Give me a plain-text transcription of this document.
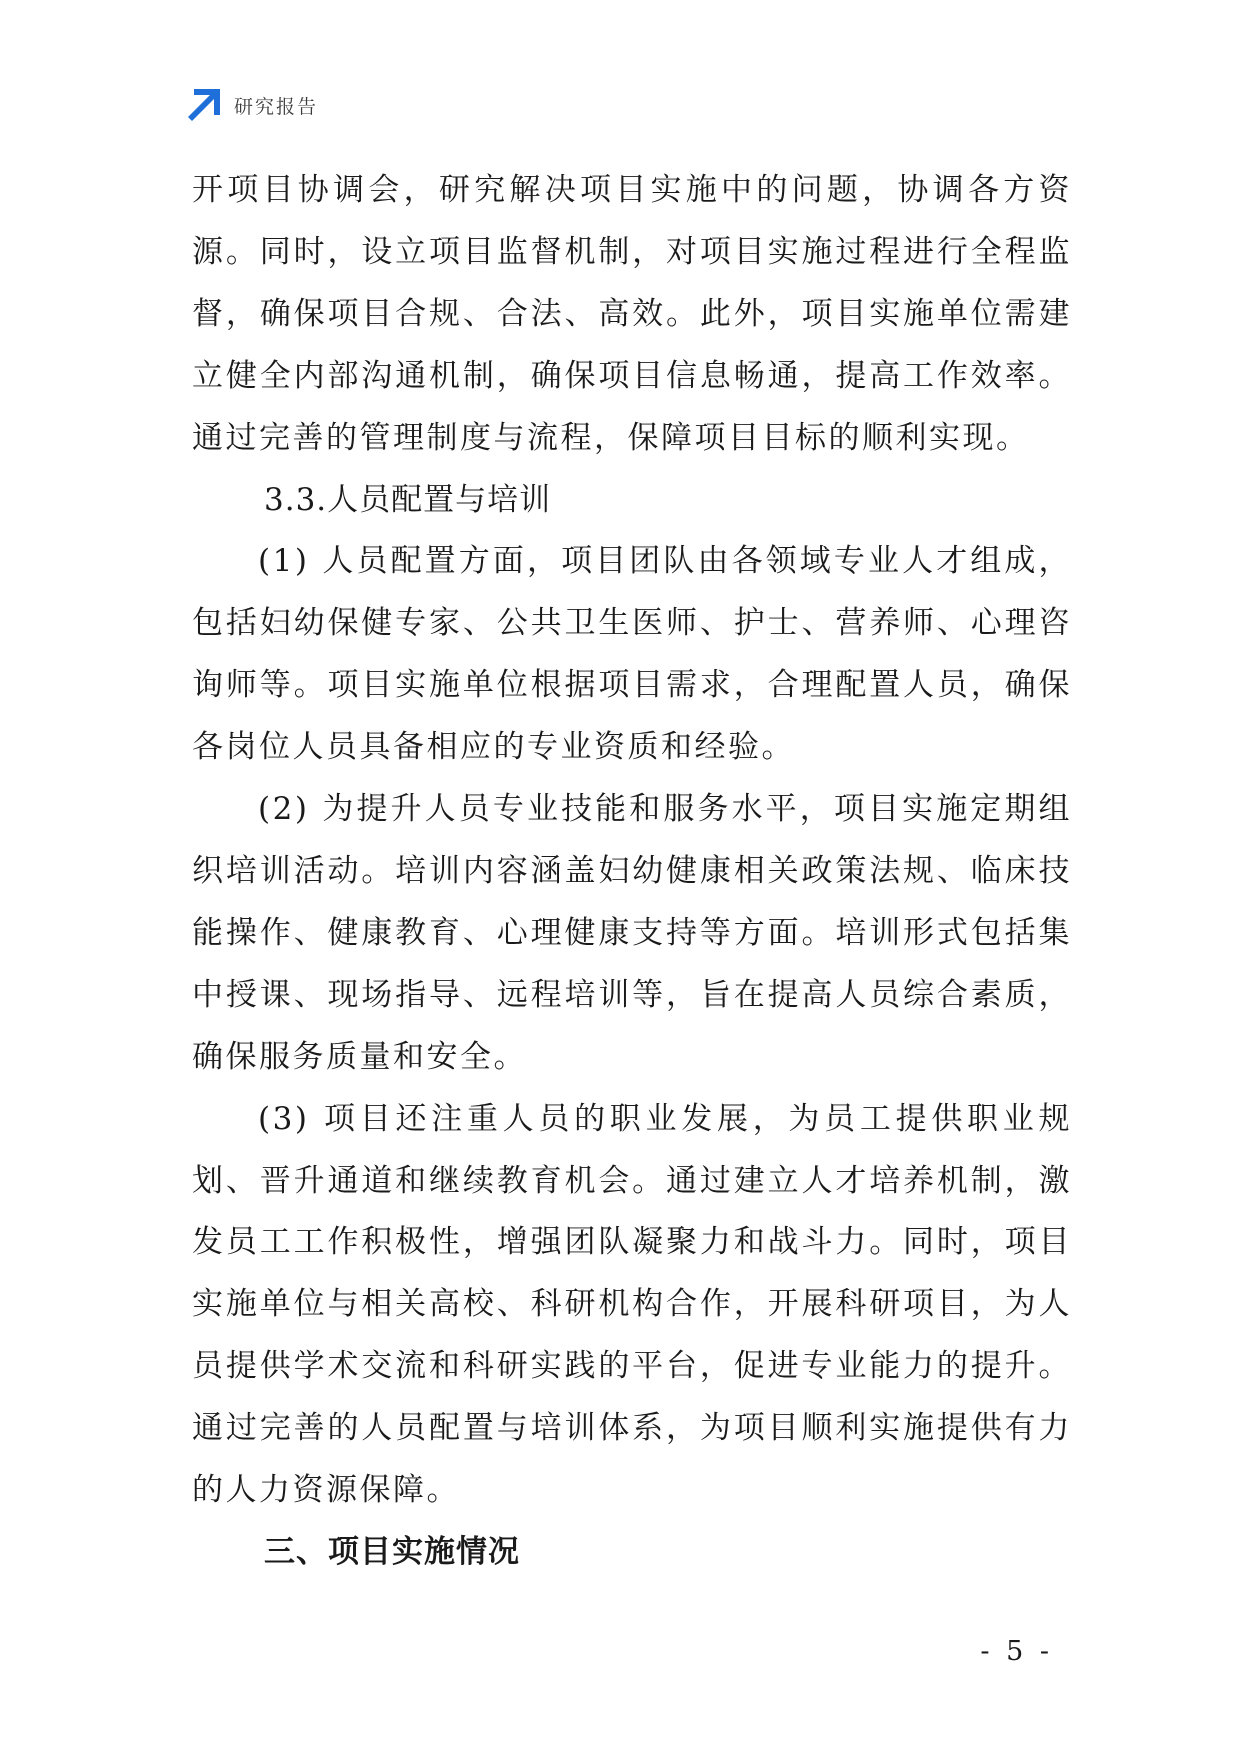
研究报告

开项目协调会，研究解决项目实施中的问题，协调各方资源。同时，设立项目监督机制，对项目实施过程进行全程监督，确保项目合规、合法、高效。此外，项目实施单位需建立健全内部沟通机制，确保项目信息畅通，提高工作效率。通过完善的管理制度与流程，保障项目目标的顺利实现。

3.3.人员配置与培训

(1) 人员配置方面，项目团队由各领域专业人才组成，包括妇幼保健专家、公共卫生医师、护士、营养师、心理咨询师等。项目实施单位根据项目需求，合理配置人员，确保各岗位人员具备相应的专业资质和经验。

(2) 为提升人员专业技能和服务水平，项目实施定期组织培训活动。培训内容涵盖妇幼健康相关政策法规、临床技能操作、健康教育、心理健康支持等方面。培训形式包括集中授课、现场指导、远程培训等，旨在提高人员综合素质，确保服务质量和安全。

(3) 项目还注重人员的职业发展，为员工提供职业规划、晋升通道和继续教育机会。通过建立人才培养机制，激发员工工作积极性，增强团队凝聚力和战斗力。同时，项目实施单位与相关高校、科研机构合作，开展科研项目，为人员提供学术交流和科研实践的平台，促进专业能力的提升。通过完善的人员配置与培训体系，为项目顺利实施提供有力的人力资源保障。

三、项目实施情况

- 5 -
